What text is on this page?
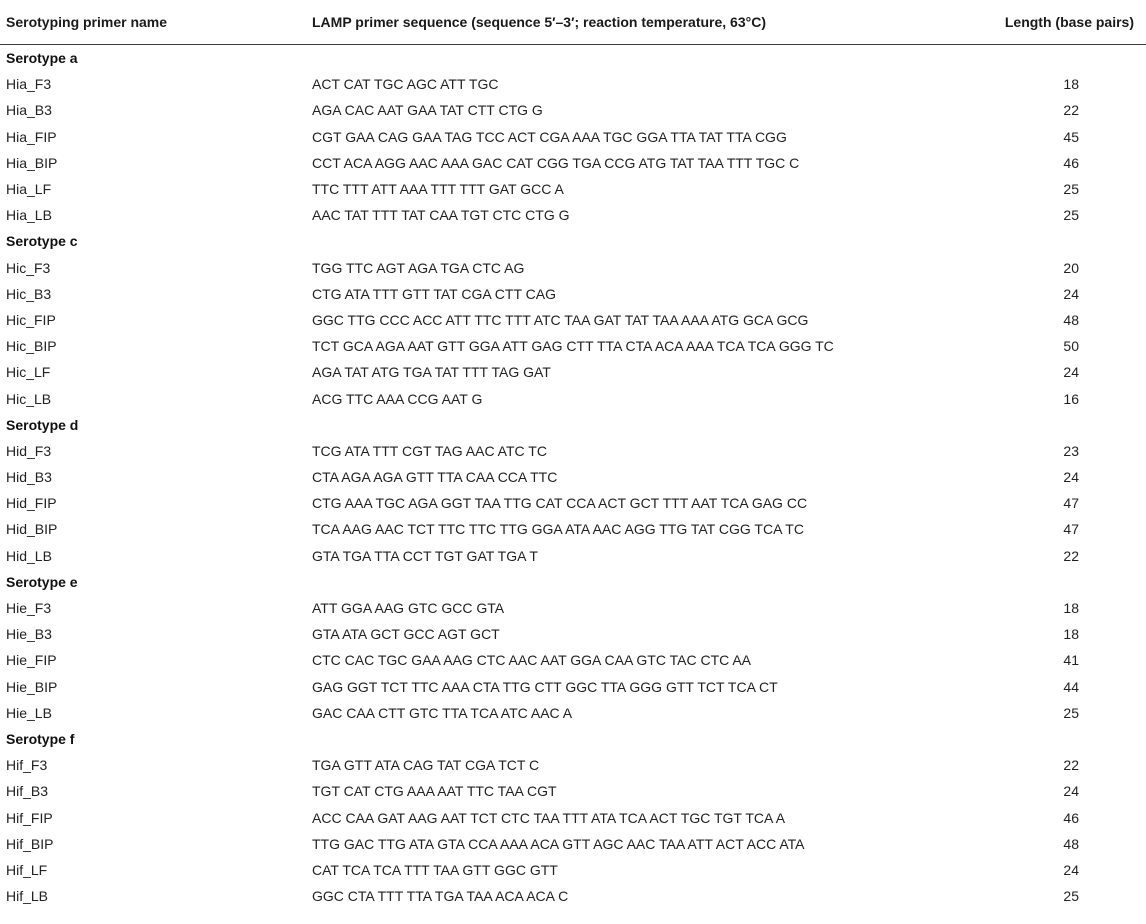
Serotyping primer name	LAMP primer sequence (sequence 5′–3′; reaction temperature, 63°C)	Length (base pairs)
Serotype a		
Hia_F3	ACT CAT TGC AGC ATT TGC	18
Hia_B3	AGA CAC AAT GAA TAT CTT CTG G	22
Hia_FIP	CGT GAA CAG GAA TAG TCC ACT CGA AAA TGC GGA TTA TAT TTA CGG	45
Hia_BIP	CCT ACA AGG AAC AAA GAC CAT CGG TGA CCG ATG TAT TAA TTT TGC C	46
Hia_LF	TTC TTT ATT AAA TTT TTT GAT GCC A	25
Hia_LB	AAC TAT TTT TAT CAA TGT CTC CTG G	25
Serotype c		
Hic_F3	TGG TTC AGT AGA TGA CTC AG	20
Hic_B3	CTG ATA TTT GTT TAT CGA CTT CAG	24
Hic_FIP	GGC TTG CCC ACC ATT TTC TTT ATC TAA GAT TAT TAA AAA ATG GCA GCG	48
Hic_BIP	TCT GCA AGA AAT GTT GGA ATT GAG CTT TTA CTA ACA AAA TCA TCA GGG TC	50
Hic_LF	AGA TAT ATG TGA TAT TTT TAG GAT	24
Hic_LB	ACG TTC AAA CCG AAT G	16
Serotype d		
Hid_F3	TCG ATA TTT CGT TAG AAC ATC TC	23
Hid_B3	CTA AGA AGA GTT TTA CAA CCA TTC	24
Hid_FIP	CTG AAA TGC AGA GGT TAA TTG CAT CCA ACT GCT TTT AAT TCA GAG CC	47
Hid_BIP	TCA AAG AAC TCT TTC TTC TTG GGA ATA AAC AGG TTG TAT CGG TCA TC	47
Hid_LB	GTA TGA TTA CCT TGT GAT TGA T	22
Serotype e		
Hie_F3	ATT GGA AAG GTC GCC GTA	18
Hie_B3	GTA ATA GCT GCC AGT GCT	18
Hie_FIP	CTC CAC TGC GAA AAG CTC AAC AAT GGA CAA GTC TAC CTC AA	41
Hie_BIP	GAG GGT TCT TTC AAA CTA TTG CTT GGC TTA GGG GTT TCT TCA CT	44
Hie_LB	GAC CAA CTT GTC TTA TCA ATC AAC A	25
Serotype f		
Hif_F3	TGA GTT ATA CAG TAT CGA TCT C	22
Hif_B3	TGT CAT CTG AAA AAT TTC TAA CGT	24
Hif_FIP	ACC CAA GAT AAG AAT TCT CTC TAA TTT ATA TCA ACT TGC TGT TCA A	46
Hif_BIP	TTG GAC TTG ATA GTA CCA AAA ACA GTT AGC AAC TAA ATT ACT ACC ATA	48
Hif_LF	CAT TCA TCA TTT TAA GTT GGC GTT	24
Hif_LB	GGC CTA TTT TTA TGA TAA ACA ACA C	25
